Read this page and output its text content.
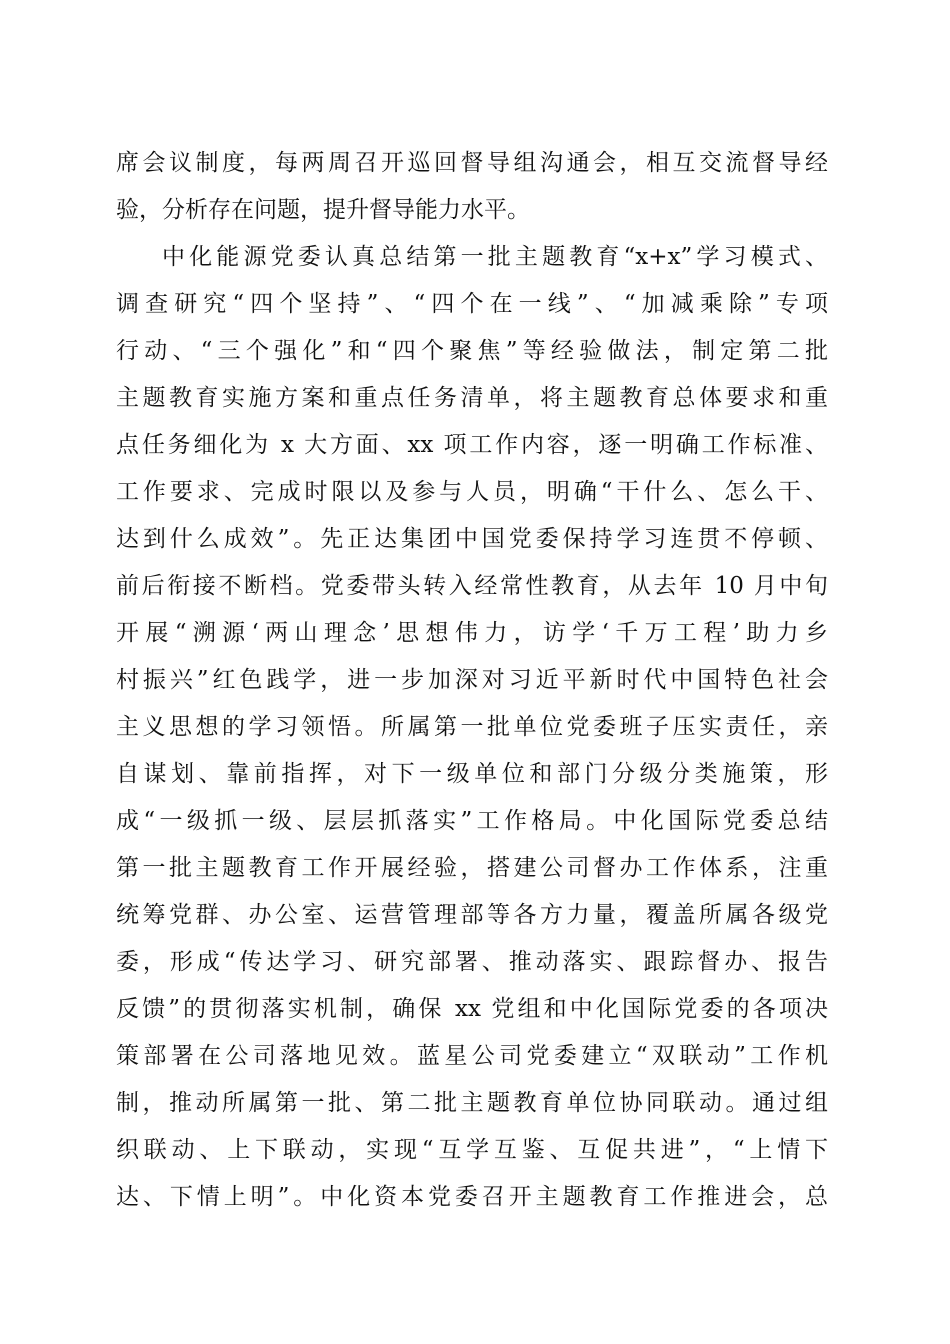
席会议制度，每两周召开巡回督导组沟通会，相互交流督导经
验，分析存在问题，提升督导能力水平。
中化能源党委认真总结第一批主题教育“x+x”学习模式、
调查研究“四个坚持”、“四个在一线”、“加减乘除”专项
行动、“三个强化”和“四个聚焦”等经验做法，制定第二批
主题教育实施方案和重点任务清单，将主题教育总体要求和重
点任务细化为 x 大方面、xx 项工作内容，逐一明确工作标准、
工作要求、完成时限以及参与人员，明确“干什么、怎么干、
达到什么成效”。先正达集团中国党委保持学习连贯不停顿、
前后衔接不断档。党委带头转入经常性教育，从去年 10 月中旬
开展“溯源‘两山理念’思想伟力，访学‘千万工程’助力乡
村振兴”红色践学，进一步加深对习近平新时代中国特色社会
主义思想的学习领悟。所属第一批单位党委班子压实责任，亲
自谋划、靠前指挥，对下一级单位和部门分级分类施策，形
成“一级抓一级、层层抓落实”工作格局。中化国际党委总结
第一批主题教育工作开展经验，搭建公司督办工作体系，注重
统筹党群、办公室、运营管理部等各方力量，覆盖所属各级党
委，形成“传达学习、研究部署、推动落实、跟踪督办、报告
反馈”的贯彻落实机制，确保 xx 党组和中化国际党委的各项决
策部署在公司落地见效。蓝星公司党委建立“双联动”工作机
制，推动所属第一批、第二批主题教育单位协同联动。通过组
织联动、上下联动，实现“互学互鉴、互促共进”，“上情下
达、下情上明”。中化资本党委召开主题教育工作推进会，总
